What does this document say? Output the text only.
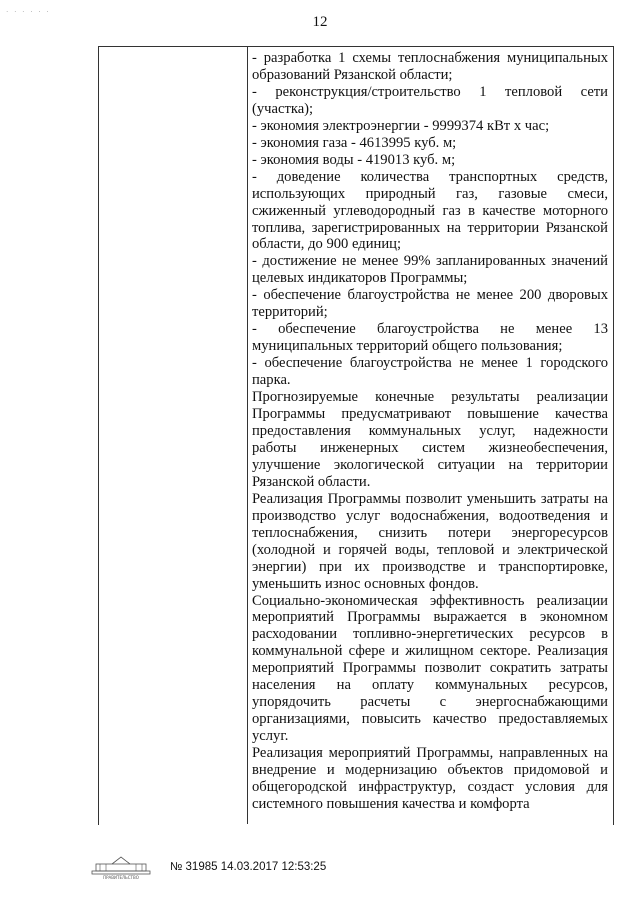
· · · · · ·
12

- разработка 1 схемы теплоснабжения муниципальных образований Рязанской области;

- реконструкция/строительство 1 тепловой сети (участка);

- экономия электроэнергии - 9999374 кВт х час;

- экономия газа - 4613995 куб. м;

- экономия воды - 419013 куб. м;

- доведение количества транспортных средств, использующих природный газ, газовые смеси, сжиженный углеводородный газ в качестве моторного топлива, зарегистрированных на территории Рязанской области, до 900 единиц;

- достижение не менее 99% запланированных значений целевых индикаторов Программы;

- обеспечение благоустройства не менее 200 дворовых территорий;

- обеспечение благоустройства не менее 13 муниципальных территорий общего пользования;

- обеспечение благоустройства не менее 1 городского парка.

Прогнозируемые конечные результаты реализации Программы предусматривают повышение качества предоставления коммунальных услуг, надежности работы инженерных систем жизнеобеспечения, улучшение экологической ситуации на территории Рязанской области.

Реализация Программы позволит уменьшить затраты на производство услуг водоснабжения, водоотведения и теплоснабжения, снизить потери энергоресурсов (холодной и горячей воды, тепловой и электрической энергии) при их производстве и транспортировке, уменьшить износ основных фондов.

Социально-экономическая эффективность реализации мероприятий Программы выражается в экономном расходовании топливно-энергетических ресурсов в коммунальной сфере и жилищном секторе. Реализация мероприятий Программы позволит сократить затраты населения на оплату коммунальных ресурсов, упорядочить расчеты с энергоснабжающими организациями, повысить качество предоставляемых услуг.

Реализация мероприятий Программы, направленных на внедрение и модернизацию объектов придомовой и общегородской инфраструктур, создаст условия для системного повышения качества и комфорта

ПРАВИТЕЛЬСТВО
№ 31985 14.03.2017 12:53:25
